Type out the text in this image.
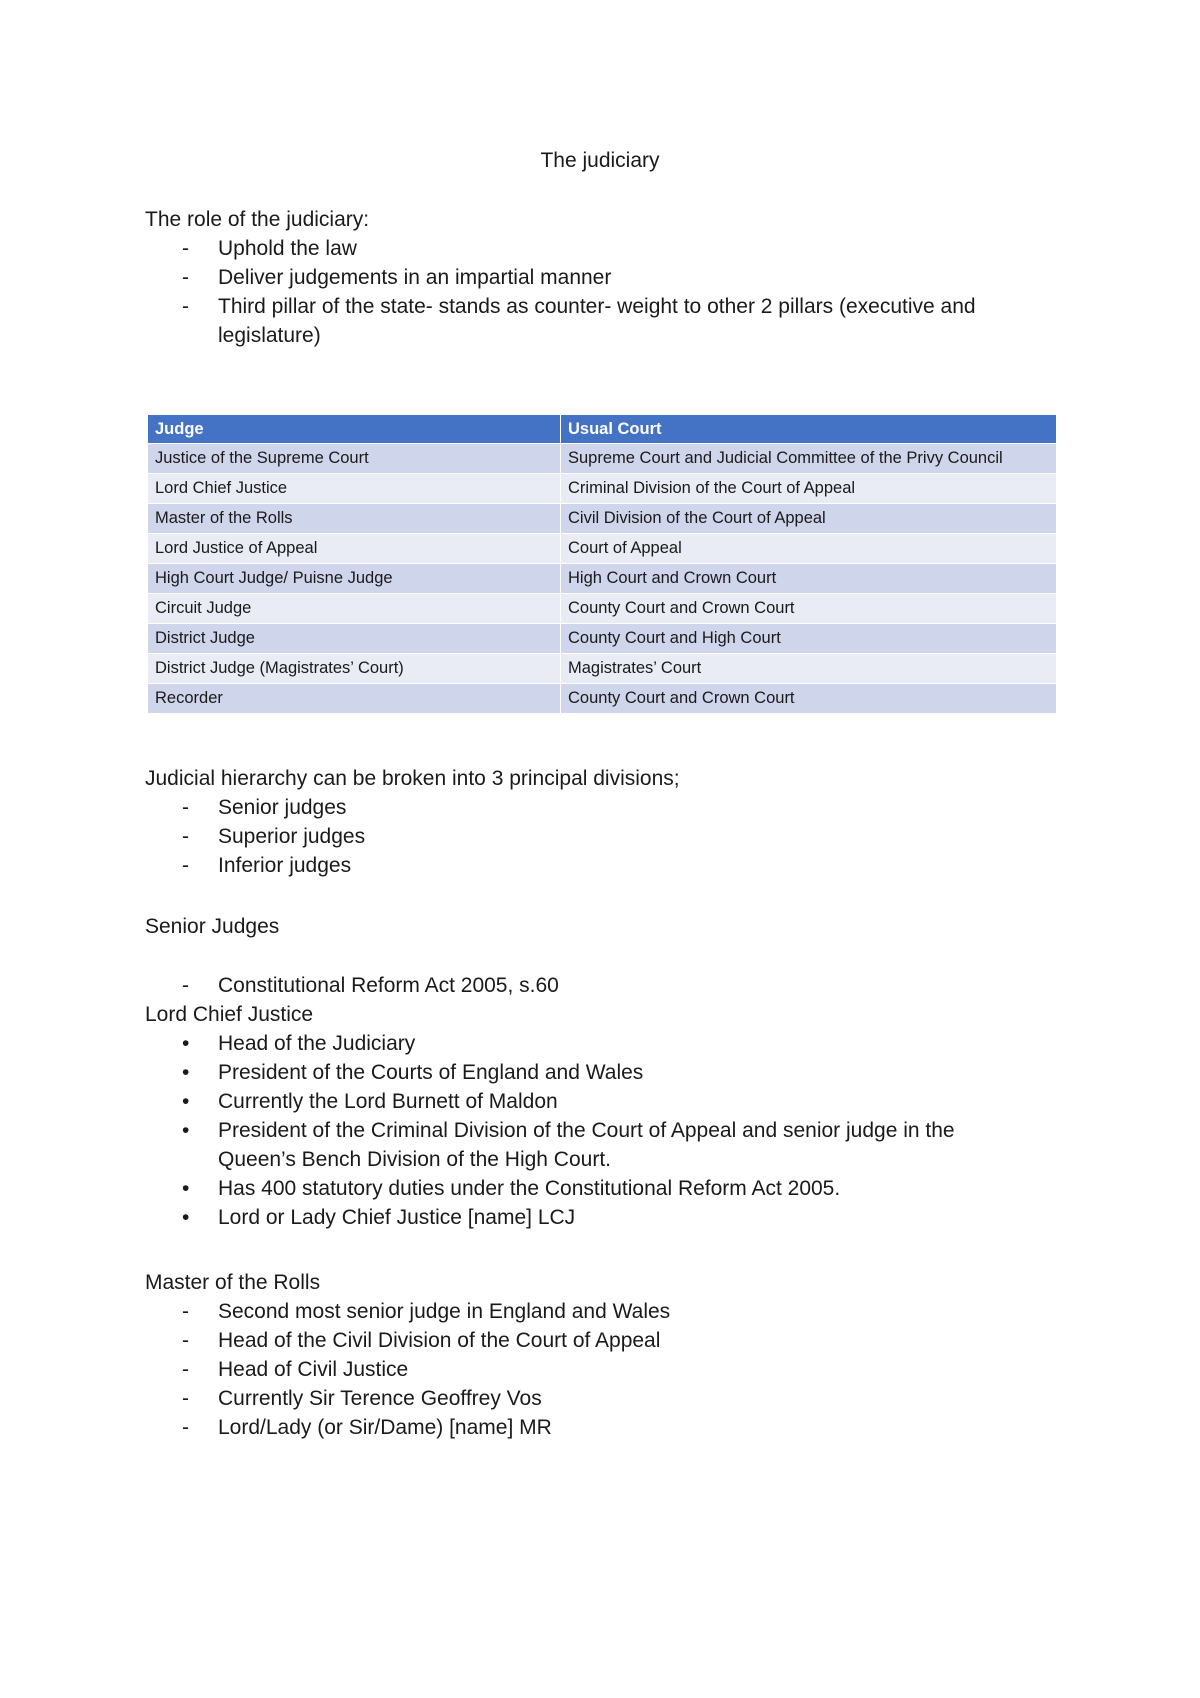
The judiciary

The role of the judiciary:

-	Uphold the law
-	Deliver judgements in an impartial manner
-	Third pillar of the state- stands as counter- weight to other 2 pillars (executive and legislature)
Judge	Usual Court
Justice of the Supreme Court	Supreme Court and Judicial Committee of the Privy Council
Lord Chief Justice	Criminal Division of the Court of Appeal
Master of the Rolls	Civil Division of the Court of Appeal
Lord Justice of Appeal	Court of Appeal
High Court Judge/ Puisne Judge	High Court and Crown Court
Circuit Judge	County Court and Crown Court
District Judge	County Court and High Court
District Judge (Magistrates’ Court)	Magistrates’ Court
Recorder	County Court and Crown Court

Judicial hierarchy can be broken into 3 principal divisions;

-	Senior judges
-	Superior judges
-	Inferior judges

Senior Judges

-	Constitutional Reform Act 2005, s.60

Lord Chief Justice

•	Head of the Judiciary
•	President of the Courts of England and Wales
•	Currently the Lord Burnett of Maldon
•	President of the Criminal Division of the Court of Appeal and senior judge in the Queen’s Bench Division of the High Court.
•	Has 400 statutory duties under the Constitutional Reform Act 2005.
•	Lord or Lady Chief Justice [name] LCJ

Master of the Rolls

-	Second most senior judge in England and Wales
-	Head of the Civil Division of the Court of Appeal
-	Head of Civil Justice
-	Currently Sir Terence Geoffrey Vos
-	Lord/Lady (or Sir/Dame) [name] MR
